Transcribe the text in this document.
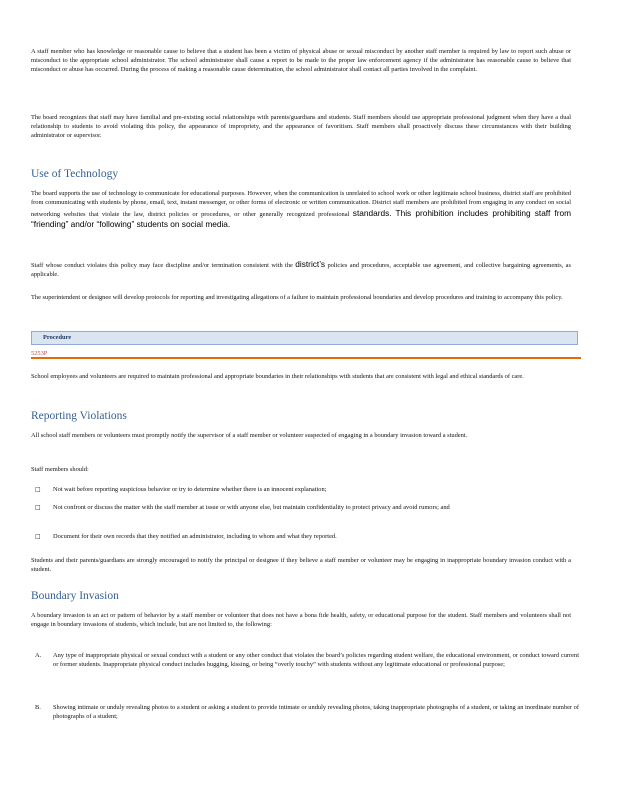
A staff member who has knowledge or reasonable cause to believe that a student has been a victim of physical abuse or sexual misconduct by another staff member is required by law to report such abuse or misconduct to the appropriate school administrator. The school administrator shall cause a report to be made to the proper law enforcement agency if the administrator has reasonable cause to believe that misconduct or abuse has occurred. During the process of making a reasonable cause determination, the school administrator shall contact all parties involved in the complaint.

The board recognizes that staff may have familial and pre-existing social relationships with parents/guardians and students. Staff members should use appropriate professional judgment when they have a dual relationship to students to avoid violating this policy, the appearance of impropriety, and the appearance of favoritism. Staff members shall proactively discuss these circumstances with their building administrator or supervisor.

Use of Technology

The board supports the use of technology to communicate for educational purposes. However, when the communication is unrelated to school work or other legitimate school business, district staff are prohibited from communicating with students by phone, email, text, instant messenger, or other forms of electronic or written communication. District staff members are prohibited from engaging in any conduct on social networking websites that violate the law, district policies or procedures, or other generally recognized professional standards. This prohibition includes prohibiting staff from “friending” and/or “following” students on social media.

Staff whose conduct violates this policy may face discipline and/or termination consistent with the district’s policies and procedures, acceptable use agreement, and collective bargaining agreements, as applicable.

The superintendent or designee will develop protocols for reporting and investigating allegations of a failure to maintain professional boundaries and develop procedures and training to accompany this policy.

Procedure
5253P

School employees and volunteers are required to maintain professional and appropriate boundaries in their relationships with students that are consistent with legal and ethical standards of care.

Reporting Violations

All school staff members or volunteers must promptly notify the supervisor of a staff member or volunteer suspected of engaging in a boundary invasion toward a student.

Staff members should:

□ Not wait before reporting suspicious behavior or try to determine whether there is an innocent explanation;
□ Not confront or discuss the matter with the staff member at issue or with anyone else, but maintain confidentiality to protect privacy and avoid rumors; and
□ Document for their own records that they notified an administrator, including to whom and what they reported.

Students and their parents/guardians are strongly encouraged to notify the principal or designee if they believe a staff member or volunteer may be engaging in inappropriate boundary invasion conduct with a student.

Boundary Invasion

A boundary invasion is an act or pattern of behavior by a staff member or volunteer that does not have a bona fide health, safety, or educational purpose for the student. Staff members and volunteers shall not engage in boundary invasions of students, which include, but are not limited to, the following:

A. Any type of inappropriate physical or sexual conduct with a student or any other conduct that violates the board’s policies regarding student welfare, the educational environment, or conduct toward current or former students. Inappropriate physical conduct includes hugging, kissing, or being “overly touchy” with students without any legitimate educational or professional purpose;
B. Showing intimate or unduly revealing photos to a student or asking a student to provide intimate or unduly revealing photos, taking inappropriate photographs of a student, or taking an inordinate number of photographs of a student;
